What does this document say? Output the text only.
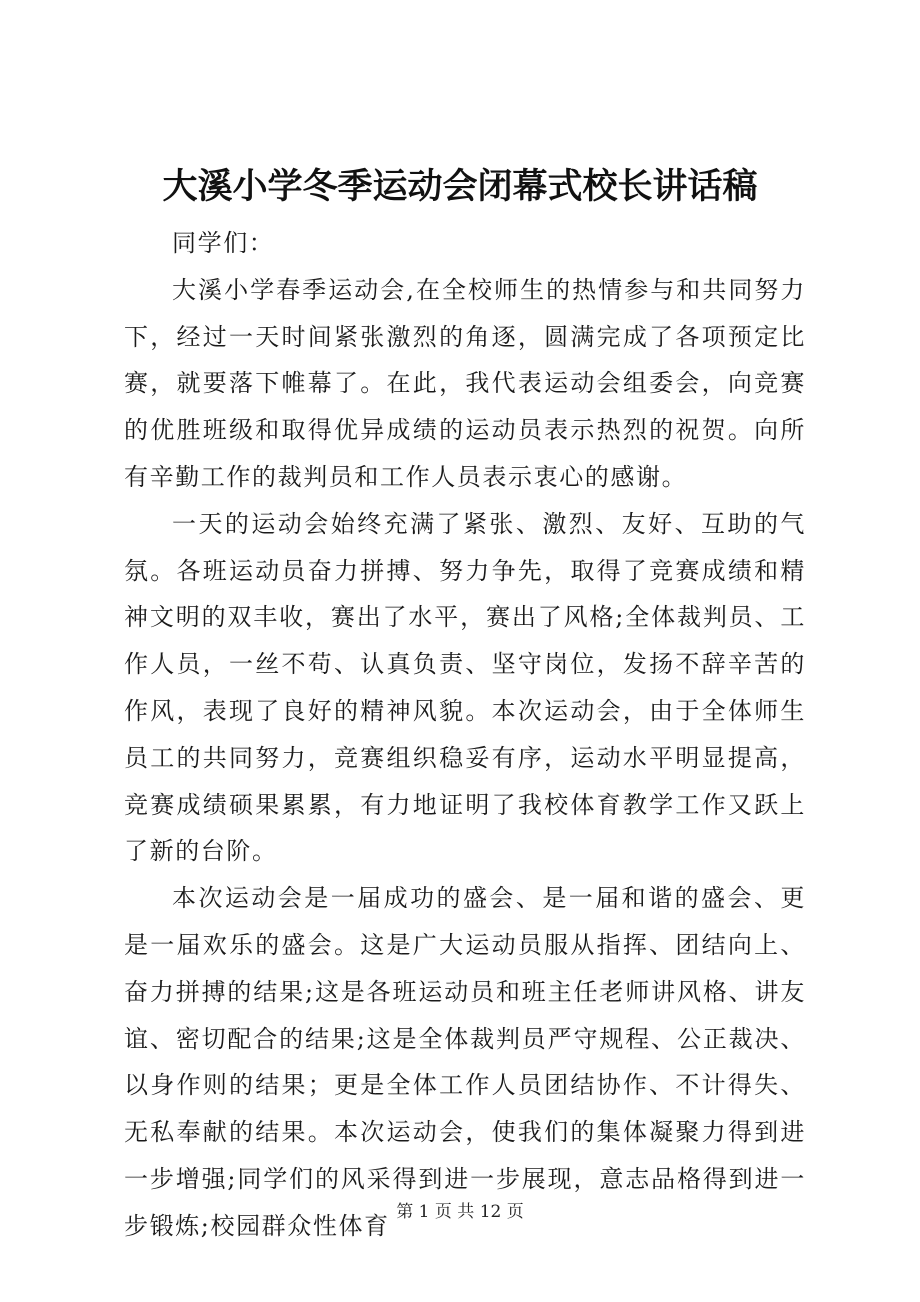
大溪小学冬季运动会闭幕式校长讲话稿

同学们：

大溪小学春季运动会,在全校师生的热情参与和共同努力下，经过一天时间紧张激烈的角逐，圆满完成了各项预定比赛，就要落下帷幕了。在此，我代表运动会组委会，向竞赛的优胜班级和取得优异成绩的运动员表示热烈的祝贺。向所有辛勤工作的裁判员和工作人员表示衷心的感谢。

一天的运动会始终充满了紧张、激烈、友好、互助的气氛。各班运动员奋力拼搏、努力争先，取得了竞赛成绩和精神文明的双丰收，赛出了水平，赛出了风格;全体裁判员、工作人员，一丝不苟、认真负责、坚守岗位，发扬不辞辛苦的作风，表现了良好的精神风貌。本次运动会，由于全体师生员工的共同努力，竞赛组织稳妥有序，运动水平明显提高，竞赛成绩硕果累累，有力地证明了我校体育教学工作又跃上了新的台阶。

本次运动会是一届成功的盛会、是一届和谐的盛会、更是一届欢乐的盛会。这是广大运动员服从指挥、团结向上、奋力拼搏的结果;这是各班运动员和班主任老师讲风格、讲友谊、密切配合的结果;这是全体裁判员严守规程、公正裁决、以身作则的结果；更是全体工作人员团结协作、不计得失、无私奉献的结果。本次运动会，使我们的集体凝聚力得到进一步增强;同学们的风采得到进一步展现，意志品格得到进一步锻炼;校园群众性体育 第 1 页 共 12 页
